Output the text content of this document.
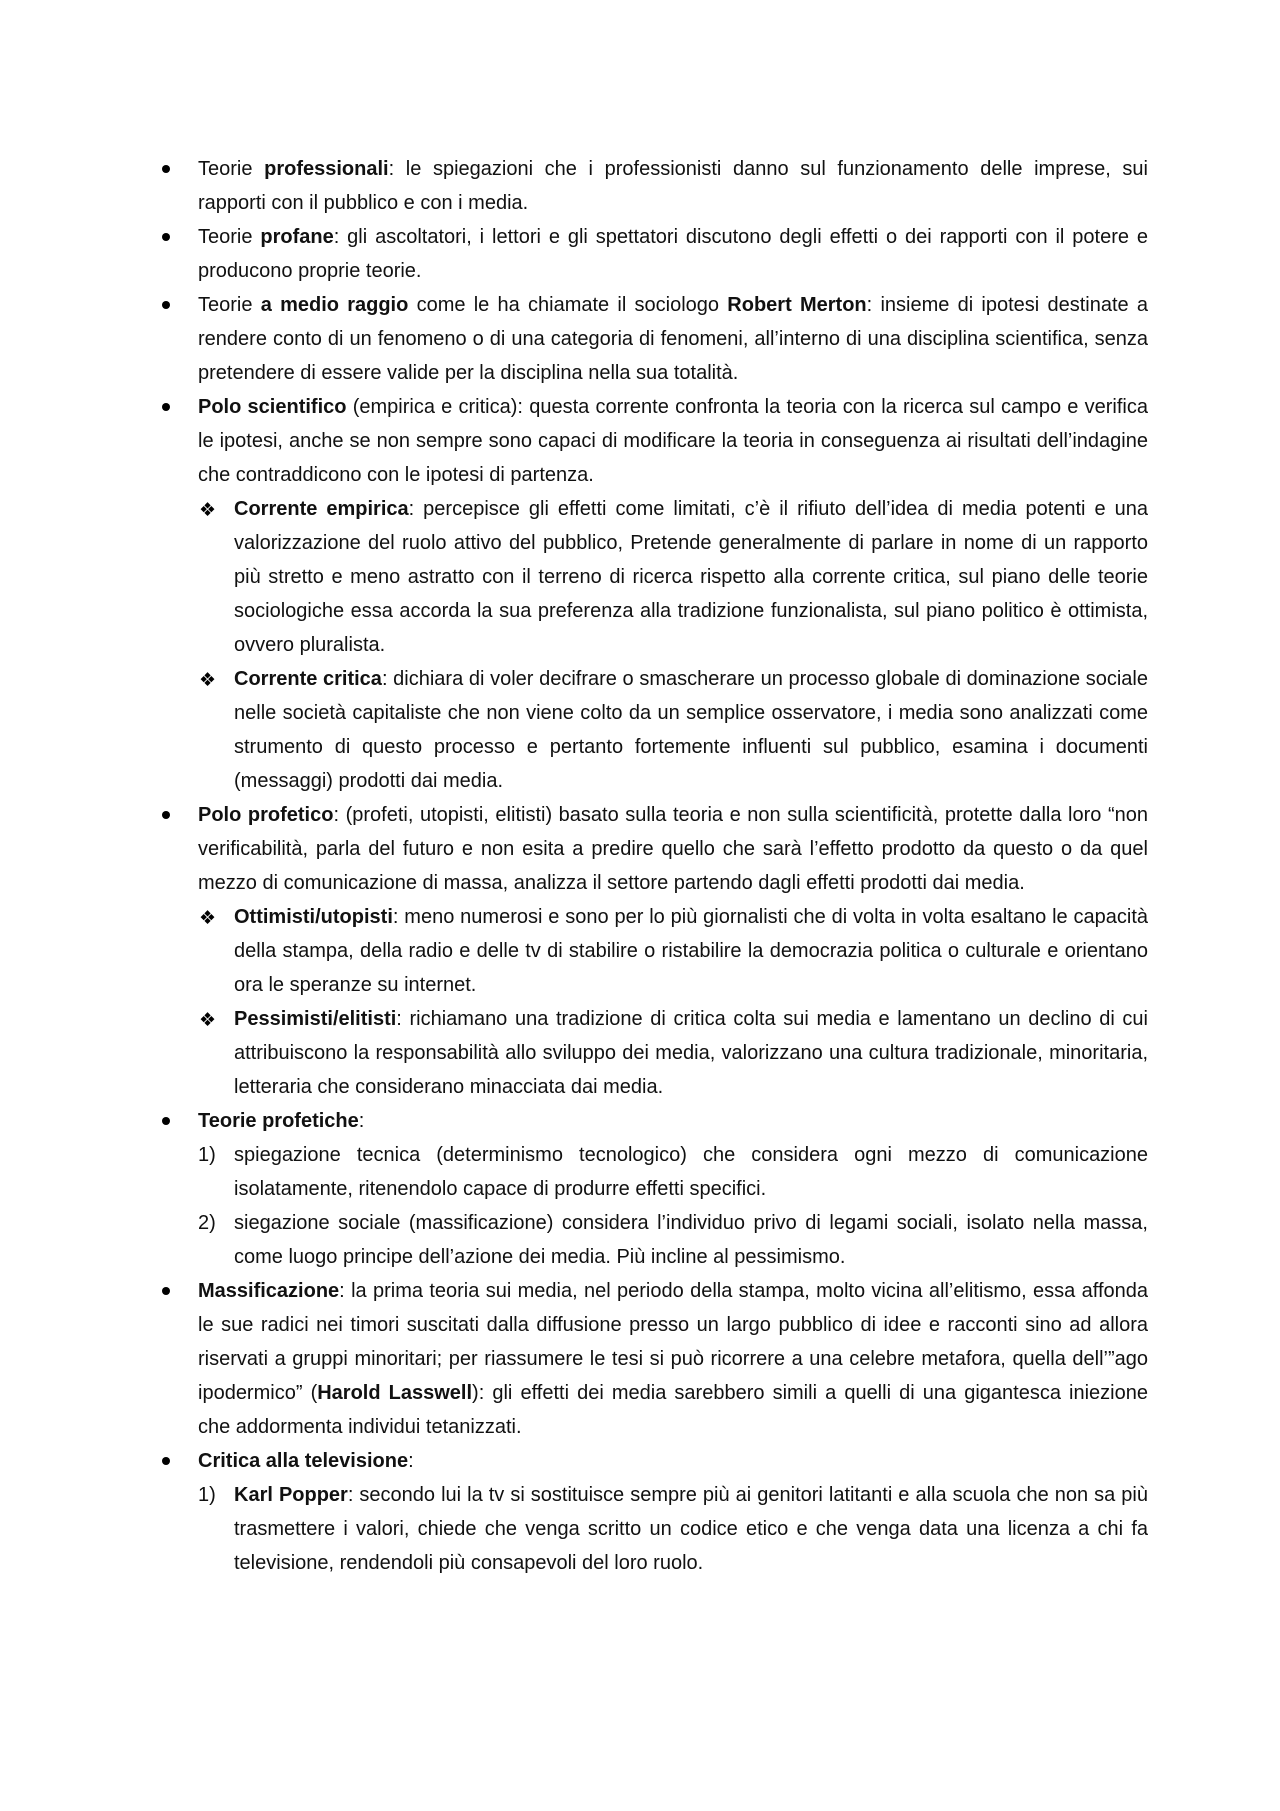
Teorie professionali: le spiegazioni che i professionisti danno sul funzionamento delle imprese, sui rapporti con il pubblico e con i media.
Teorie profane: gli ascoltatori, i lettori e gli spettatori discutono degli effetti o dei rapporti con il potere e producono proprie teorie.
Teorie a medio raggio come le ha chiamate il sociologo Robert Merton: insieme di ipotesi destinate a rendere conto di un fenomeno o di una categoria di fenomeni, all’interno di una disciplina scientifica, senza pretendere di essere valide per la disciplina nella sua totalità.
Polo scientifico (empirica e critica): questa corrente confronta la teoria con la ricerca sul campo e verifica le ipotesi, anche se non sempre sono capaci di modificare la teoria in conseguenza ai risultati dell’indagine che contraddicono con le ipotesi di partenza.
❖ Corrente empirica: percepisce gli effetti come limitati, c’è il rifiuto dell’idea di media potenti e una valorizzazione del ruolo attivo del pubblico, Pretende generalmente di parlare in nome di un rapporto più stretto e meno astratto con il terreno di ricerca rispetto alla corrente critica, sul piano delle teorie sociologiche essa accorda la sua preferenza alla tradizione funzionalista, sul piano politico è ottimista, ovvero pluralista.
❖ Corrente critica: dichiara di voler decifrare o smascherare un processo globale di dominazione sociale nelle società capitaliste che non viene colto da un semplice osservatore, i media sono analizzati come strumento di questo processo e pertanto fortemente influenti sul pubblico, esamina i documenti (messaggi) prodotti dai media.
Polo profetico: (profeti, utopisti, elitisti) basato sulla teoria e non sulla scientificità, protette dalla loro “non verificabilità, parla del futuro e non esita a predire quello che sarà l’effetto prodotto da questo o da quel mezzo di comunicazione di massa, analizza il settore partendo dagli effetti prodotti dai media.
❖ Ottimisti/utopisti: meno numerosi e sono per lo più giornalisti che di volta in volta esaltano le capacità della stampa, della radio e delle tv di stabilire o ristabilire la democrazia politica o culturale e orientano ora le speranze su internet.
❖ Pessimisti/elitisti: richiamano una tradizione di critica colta sui media e lamentano un declino di cui attribuiscono la responsabilità allo sviluppo dei media, valorizzano una cultura tradizionale, minoritaria, letteraria che considerano minacciata dai media.
Teorie profetiche:
1) spiegazione tecnica (determinismo tecnologico) che considera ogni mezzo di comunicazione isolatamente, ritenendolo capace di produrre effetti specifici.
2) siegazione sociale (massificazione) considera l’individuo privo di legami sociali, isolato nella massa, come luogo principe dell’azione dei media. Più incline al pessimismo.
Massificazione: la prima teoria sui media, nel periodo della stampa, molto vicina all’elitismo, essa affonda le sue radici nei timori suscitati dalla diffusione presso un largo pubblico di idee e racconti sino ad allora riservati a gruppi minoritari; per riassumere le tesi si può ricorrere a una celebre metafora, quella dell’”ago ipodermico” (Harold Lasswell): gli effetti dei media sarebbero simili a quelli di una gigantesca iniezione che addormenta individui tetanizzati.
Critica alla televisione:
1) Karl Popper: secondo lui la tv si sostituisce sempre più ai genitori latitanti e alla scuola che non sa più trasmettere i valori, chiede che venga scritto un codice etico e che venga data una licenza a chi fa televisione, rendendoli più consapevoli del loro ruolo.
